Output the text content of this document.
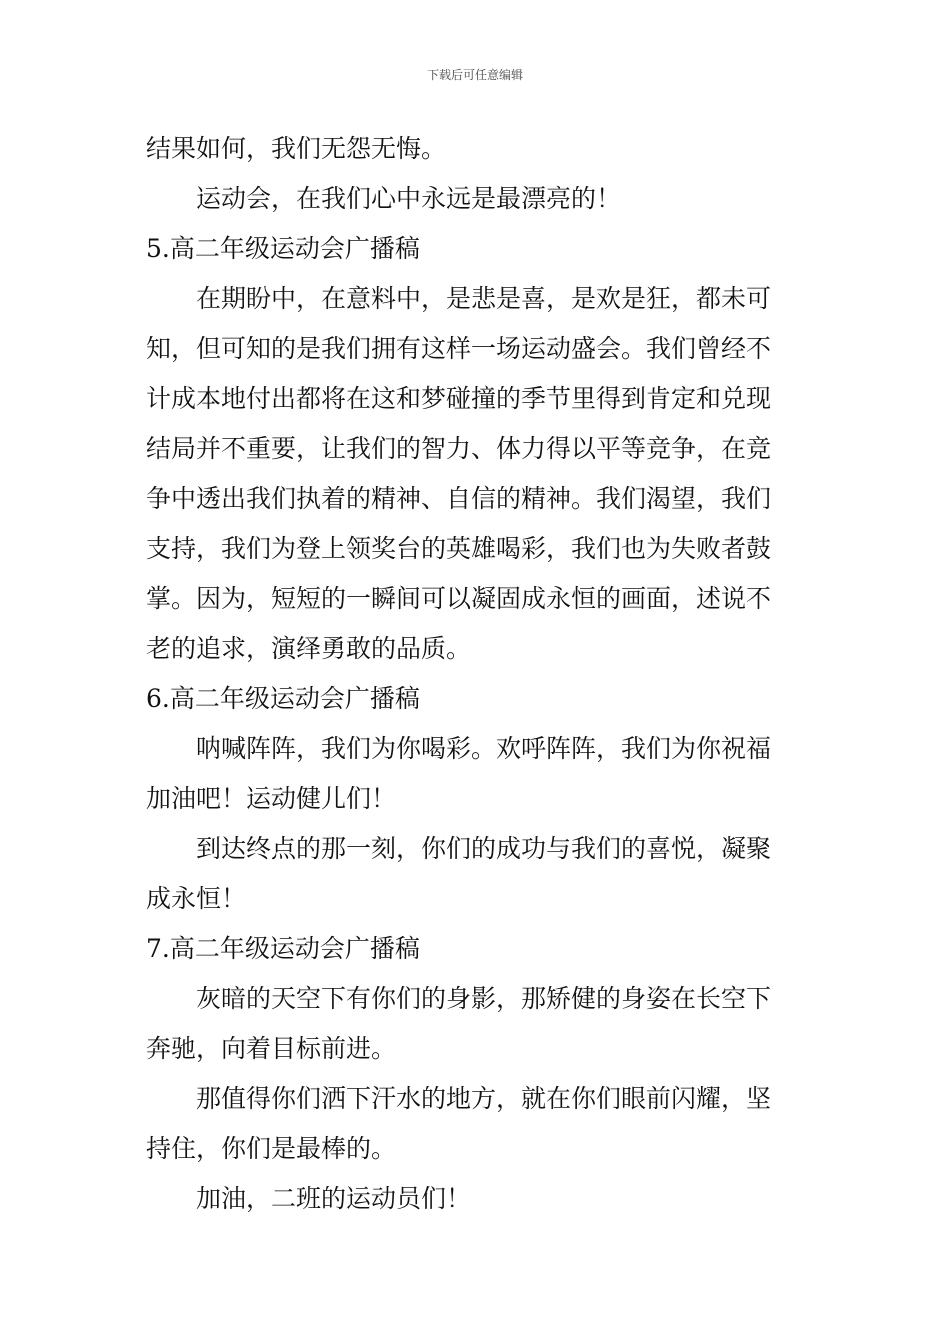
下载后可任意编辑
结果如何，我们无怨无悔。
运动会，在我们心中永远是最漂亮的！
5.高二年级运动会广播稿
在期盼中，在意料中，是悲是喜，是欢是狂，都未可
知，但可知的是我们拥有这样一场运动盛会。我们曾经不
计成本地付出都将在这和梦碰撞的季节里得到肯定和兑现
结局并不重要，让我们的智力、体力得以平等竞争，在竞
争中透出我们执着的精神、自信的精神。我们渴望，我们
支持，我们为登上领奖台的英雄喝彩，我们也为失败者鼓
掌。因为，短短的一瞬间可以凝固成永恒的画面，述说不
老的追求，演绎勇敢的品质。
6.高二年级运动会广播稿
呐喊阵阵，我们为你喝彩。欢呼阵阵，我们为你祝福
加油吧！运动健儿们！
到达终点的那一刻，你们的成功与我们的喜悦，凝聚
成永恒！
7.高二年级运动会广播稿
灰暗的天空下有你们的身影，那矫健的身姿在长空下
奔驰，向着目标前进。
那值得你们洒下汗水的地方，就在你们眼前闪耀，坚
持住，你们是最棒的。
加油，二班的运动员们！
